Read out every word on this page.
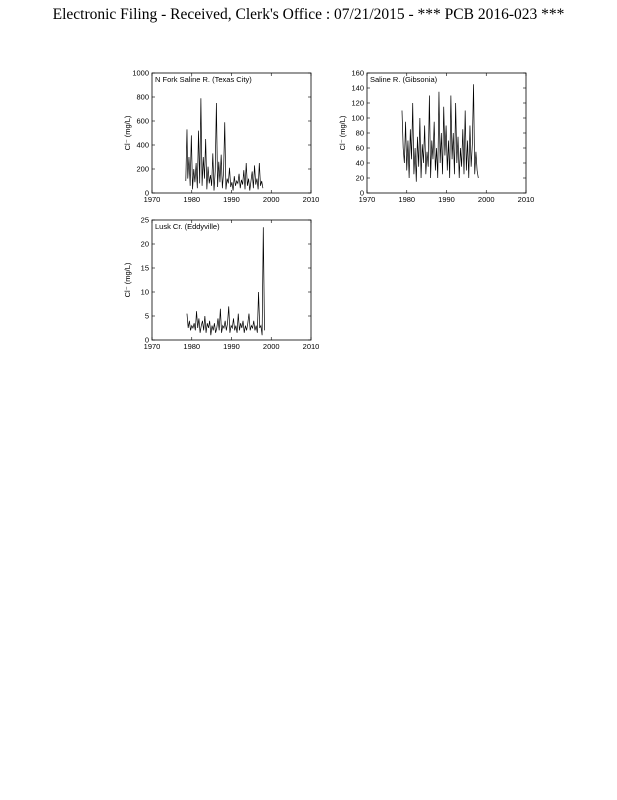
Electronic Filing - Received, Clerk's Office : 07/21/2015 - *** PCB 2016-023 ***
1970	1980	1990	2000	2010
0
200
400
600
800
1000
N Fork Saline R. (Texas City)
Cl⁻ (mg/L)
1970	1980	1990	2000	2010
0
20
40
60
80
100
120
140
160
Saline R. (Gibsonia)
Cl⁻ (mg/L)
1970	1980	1990	2000	2010
0
5
10
15
20
25
Lusk Cr. (Eddyville)
Cl⁻ (mg/L)
